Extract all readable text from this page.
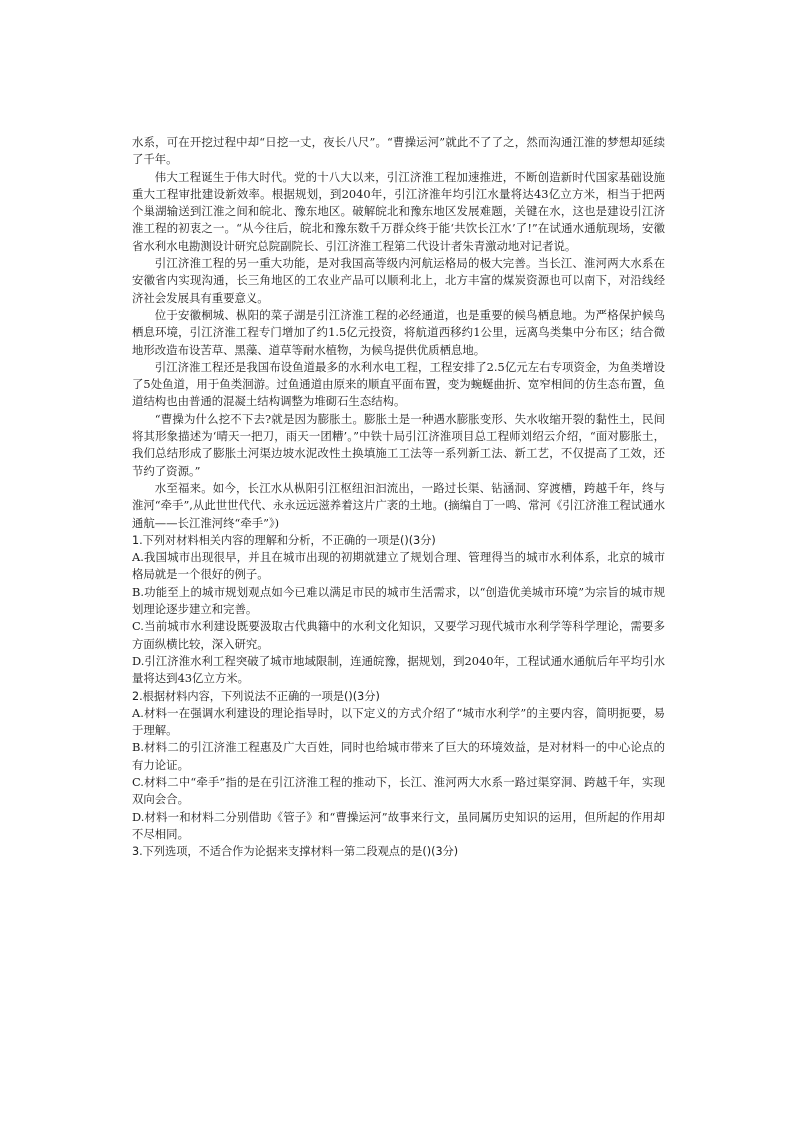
水系，可在开挖过程中却“日挖一丈，夜长八尺”。“曹操运河”就此不了了之，然而沟通江淮的梦想却延续了千年。

伟大工程诞生于伟大时代。党的十八大以来，引江济淮工程加速推进，不断创造新时代国家基础设施重大工程审批建设新效率。根据规划，到2040年，引江济淮年均引江水量将达43亿立方米，相当于把两个巢湖输送到江淮之间和皖北、豫东地区。破解皖北和豫东地区发展难题，关键在水，这也是建设引江济淮工程的初衷之一。“从今往后，皖北和豫东数千万群众终于能‘共饮长江水’了!”在试通水通航现场，安徽省水利水电勘测设计研究总院副院长、引江济淮工程第二代设计者朱青激动地对记者说。

引江济淮工程的另一重大功能，是对我国高等级内河航运格局的极大完善。当长江、淮河两大水系在安徽省内实现沟通，长三角地区的工农业产品可以顺利北上，北方丰富的煤炭资源也可以南下，对沿线经济社会发展具有重要意义。

位于安徽桐城、枞阳的菜子湖是引江济淮工程的必经通道，也是重要的候鸟栖息地。为严格保护候鸟栖息环境，引江济淮工程专门增加了约1.5亿元投资，将航道西移约1公里，远离鸟类集中分布区；结合微地形改造布设苦草、黑藻、道草等耐水植物，为候鸟提供优质栖息地。

引江济淮工程还是我国布设鱼道最多的水利水电工程，工程安排了2.5亿元左右专项资金，为鱼类增设了5处鱼道，用于鱼类洄游。过鱼通道由原来的顺直平面布置，变为蜿蜒曲折、宽窄相间的仿生态布置，鱼道结构也由普通的混凝土结构调整为堆砌石生态结构。

“曹操为什么挖不下去?就是因为膨胀土。膨胀土是一种遇水膨胀变形、失水收缩开裂的黏性土，民间将其形象描述为‘晴天一把刀，雨天一团糟’。”中铁十局引江济淮项目总工程师刘绍云介绍，“面对膨胀土，我们总结形成了膨胀土河渠边坡水泥改性土换填施工工法等一系列新工法、新工艺，不仅提高了工效，还节约了资源。”

水至福来。如今，长江水从枞阳引江枢纽汩汩流出，一路过长渠、钻涵洞、穿渡槽，跨越千年，终与淮河“牵手”,从此世世代代、永永远远滋养着这片广袤的土地。(摘编自丁一鸣、常河《引江济淮工程试通水通航——长江淮河终“牵手”》)

1.下列对材料相关内容的理解和分析，不正确的一项是()(3分)

A.我国城市出现很早，并且在城市出现的初期就建立了规划合理、管理得当的城市水利体系，北京的城市格局就是一个很好的例子。

B.功能至上的城市规划观点如今已难以满足市民的城市生活需求，以“创造优美城市环境”为宗旨的城市规划理论逐步建立和完善。

C.当前城市水利建设既要汲取古代典籍中的水利文化知识，又要学习现代城市水利学等科学理论，需要多方面纵横比较，深入研究。

D.引江济淮水利工程突破了城市地域限制，连通皖豫，据规划，到2040年，工程试通水通航后年平均引水量将达到43亿立方米。

2.根据材料内容，下列说法不正确的一项是()(3分)

A.材料一在强调水利建设的理论指导时，以下定义的方式介绍了“城市水利学”的主要内容，简明扼要，易于理解。

B.材料二的引江济淮工程惠及广大百姓，同时也给城市带来了巨大的环境效益，是对材料一的中心论点的有力论证。

C.材料二中“牵手”指的是在引江济淮工程的推动下，长江、淮河两大水系一路过渠穿洞、跨越千年，实现双向会合。

D.材料一和材料二分别借助《管子》和“曹操运河”故事来行文，虽同属历史知识的运用，但所起的作用却不尽相同。

3.下列选项，不适合作为论据来支撑材料一第二段观点的是()(3分)
